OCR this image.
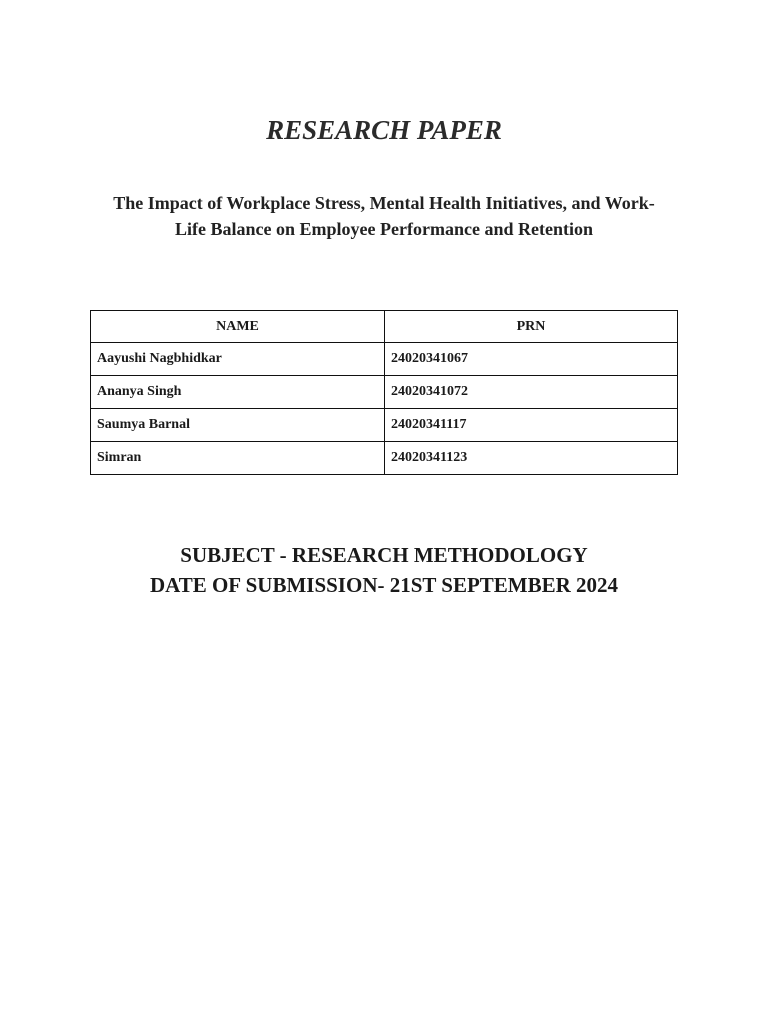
RESEARCH PAPER
The Impact of Workplace Stress, Mental Health Initiatives, and Work-
Life Balance on Employee Performance and Retention
NAME	PRN
Aayushi Nagbhidkar	24020341067
Ananya Singh	24020341072
Saumya Barnal	24020341117
Simran	24020341123
SUBJECT - RESEARCH METHODOLOGY
DATE OF SUBMISSION- 21ST SEPTEMBER 2024
